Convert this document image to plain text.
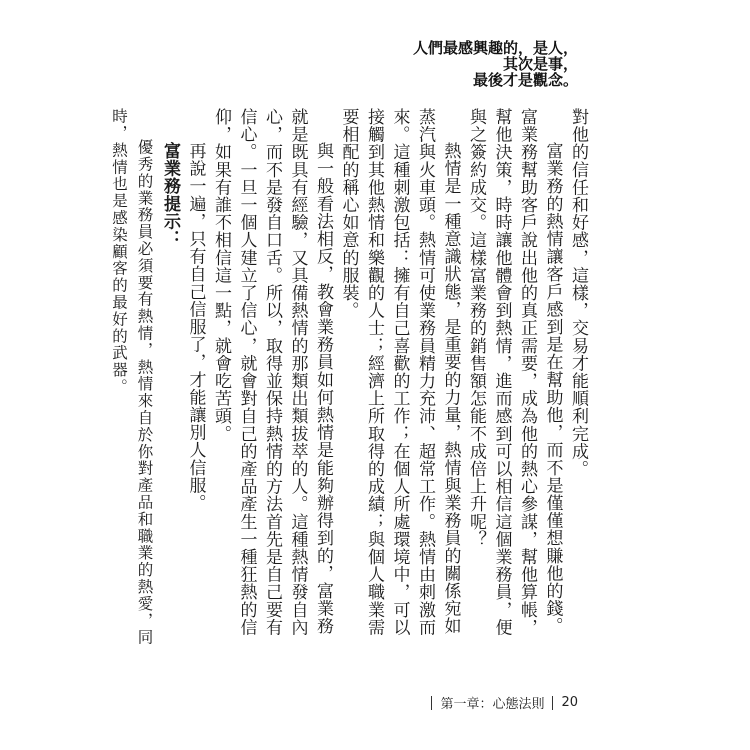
人們最感興趣的，是人，
其次是事，
最後才是觀念。

對他的信任和好感，這樣，交易才能順利完成。

富業務的熱情讓客戶感到是在幫助他，而不是僅僅想賺他的錢。富業務幫助客戶說出他的真正需要，成為他的熱心參謀，幫他算帳，幫他決策，時時讓他體會到熱情，進而感到可以相信這個業務員，便與之簽約成交。這樣富業務的銷售額怎能不成倍上升呢？

熱情是一種意識狀態，是重要的力量，熱情與業務員的關係宛如蒸汽與火車頭。熱情可使業務員精力充沛、超常工作。熱情由刺激而來。這種刺激包括：擁有自己喜歡的工作；在個人所處環境中，可以接觸到其他熱情和樂觀的人士；經濟上所取得的成績；與個人職業需要相配的稱心如意的服裝。

與一般看法相反，教會業務員如何熱情是能夠辦得到的，富業務就是既具有經驗，又具備熱情的那類出類拔萃的人。這種熱情發自內心，而不是發自口舌。所以，取得並保持熱情的方法首先是自己要有信心。一旦一個人建立了信心，就會對自己的產品產生一種狂熱的信仰，如果有誰不相信這一點，就會吃苦頭。

再說一遍，只有自己信服了，才能讓別人信服。

富業務提示：

優秀的業務員必須要有熱情，熱情來自於你對產品和職業的熱愛，同時，熱情也是感染顧客的最好的武器。

第一章：心態法則 20
